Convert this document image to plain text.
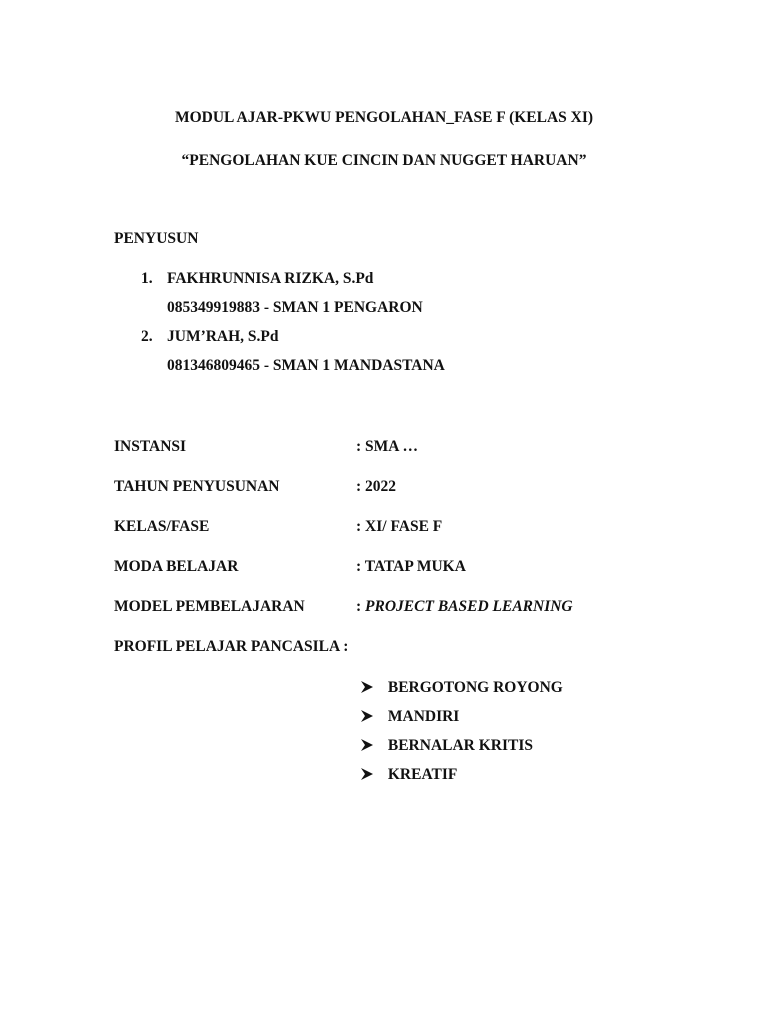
MODUL AJAR-PKWU PENGOLAHAN_FASE F (KELAS XI)
“PENGOLAHAN KUE CINCIN DAN NUGGET HARUAN”
PENYUSUN
1. FAKHRUNNISA RIZKA, S.Pd
085349919883 - SMAN 1 PENGARON
2. JUM’RAH, S.Pd
081346809465 - SMAN 1 MANDASTANA
INSTANSI	: SMA …
TAHUN PENYUSUNAN	: 2022
KELAS/FASE	: XI/ FASE F
MODA BELAJAR	: TATAP MUKA
MODEL PEMBELAJARAN	: PROJECT BASED LEARNING
PROFIL PELAJAR PANCASILA :
BERGOTONG ROYONG
MANDIRI
BERNALAR KRITIS
KREATIF
